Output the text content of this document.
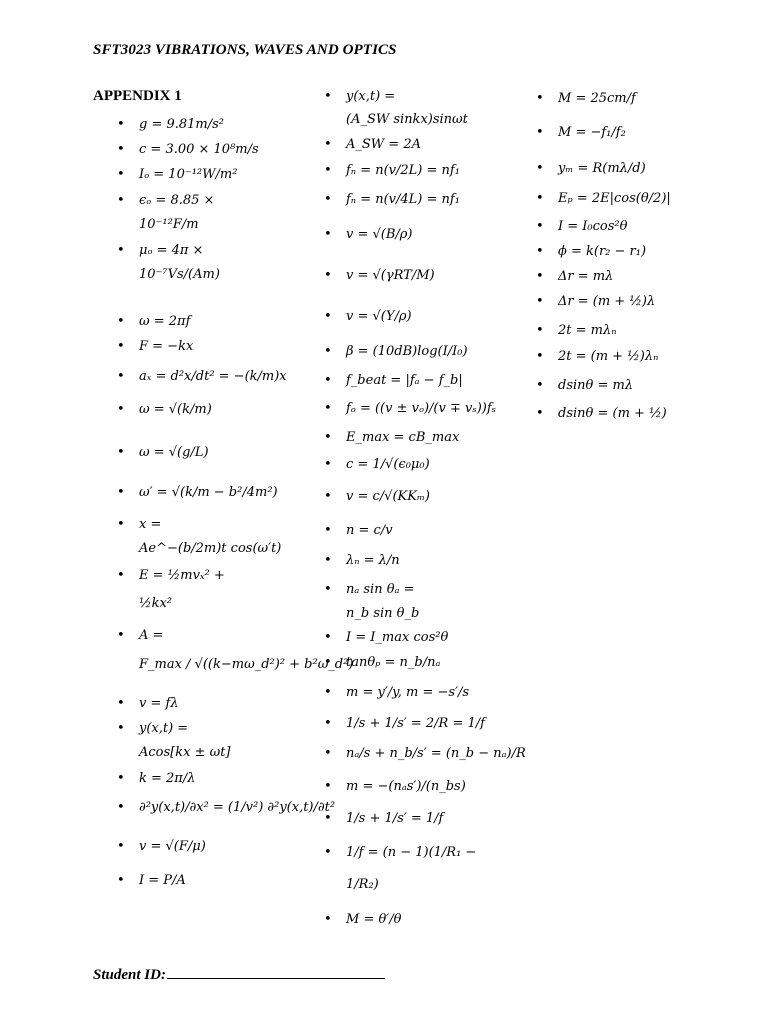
SFT3023 VIBRATIONS, WAVES AND OPTICS
APPENDIX 1
• g = 9.81m/s²
• c = 3.00 × 10⁸m/s
• Iₒ = 10⁻¹²W/m²
• ϵₒ = 8.85 ×
10⁻¹²F/m
• μₒ = 4π ×
10⁻⁷Vs/(Am)
• ω = 2πf
• F = −kx
• aₓ = d²x/dt² = −(k/m)x
• ω = √(k/m)
• ω = √(g/L)
• ω′ = √(k/m − b²/4m²)
• x =
Ae^−(b/2m)t cos(ω′t)
• E = ½mvₓ² +
½kx²
• A =
F_max / √((k−mω_d²)² + b²ω_d²)
• v = fλ
• y(x,t) =
Acos[kx ± ωt]
• k = 2π/λ
• ∂²y(x,t)/∂x² = (1/v²) ∂²y(x,t)/∂t²
• v = √(F/μ)
• I = P/A
• y(x,t) =
(A_SW sinkx)sinωt
• A_SW = 2A
• fₙ = n(v/2L) = nf₁
• fₙ = n(v/4L) = nf₁
• v = √(B/ρ)
• v = √(γRT/M)
• v = √(Y/ρ)
• β = (10dB)log(I/I₀)
• f_beat = |fₐ − f_b|
• fₒ = ((v ± vₒ)/(v ∓ vₛ))fₛ
• E_max = cB_max
• c = 1/√(ϵ₀μ₀)
• v = c/√(KKₘ)
• n = c/v
• λₙ = λ/n
• nₐ sin θₐ =
n_b sin θ_b
• I = I_max cos²θ
• tanθₚ = n_b/nₐ
• m = y′/y, m = −s′/s
• 1/s + 1/s′ = 2/R = 1/f
• nₐ/s + n_b/s′ = (n_b − nₐ)/R
• m = −(nₐs′)/(n_bs)
• 1/s + 1/s′ = 1/f
• 1/f = (n − 1)(1/R₁ −
1/R₂)
• M = θ′/θ
• M = 25cm/f
• M = −f₁/f₂
• yₘ = R(mλ/d)
• Eₚ = 2E|cos(θ/2)|
• I = I₀cos²θ
• ϕ = k(r₂ − r₁)
• Δr = mλ
• Δr = (m + ½)λ
• 2t = mλₙ
• 2t = (m + ½)λₙ
• dsinθ = mλ
• dsinθ = (m + ½)
Student ID:
